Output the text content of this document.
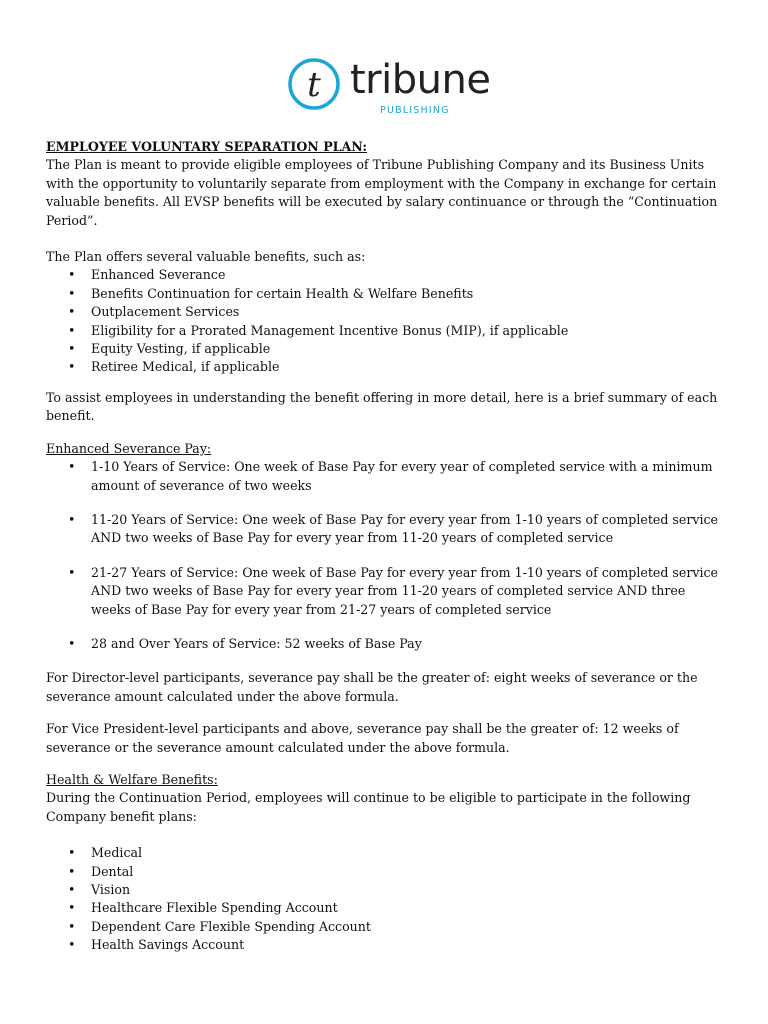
t tribune
PUBLISHING

EMPLOYEE VOLUNTARY SEPARATION PLAN:

The Plan is meant to provide eligible employees of Tribune Publishing Company and its Business Units with the opportunity to voluntarily separate from employment with the Company in exchange for certain valuable benefits. All EVSP benefits will be executed by salary continuance or through the “Continuation Period”.

The Plan offers several valuable benefits, such as:

• Enhanced Severance
• Benefits Continuation for certain Health & Welfare Benefits
• Outplacement Services
• Eligibility for a Prorated Management Incentive Bonus (MIP), if applicable
• Equity Vesting, if applicable
• Retiree Medical, if applicable

To assist employees in understanding the benefit offering in more detail, here is a brief summary of each benefit.

Enhanced Severance Pay:

• 1-10 Years of Service: One week of Base Pay for every year of completed service with a minimum amount of severance of two weeks
• 11-20 Years of Service: One week of Base Pay for every year from 1-10 years of completed service AND two weeks of Base Pay for every year from 11-20 years of completed service
• 21-27 Years of Service: One week of Base Pay for every year from 1-10 years of completed service AND two weeks of Base Pay for every year from 11-20 years of completed service AND three weeks of Base Pay for every year from 21-27 years of completed service
• 28 and Over Years of Service: 52 weeks of Base Pay

For Director-level participants, severance pay shall be the greater of: eight weeks of severance or the severance amount calculated under the above formula.

For Vice President-level participants and above, severance pay shall be the greater of: 12 weeks of severance or the severance amount calculated under the above formula.

Health & Welfare Benefits:

During the Continuation Period, employees will continue to be eligible to participate in the following Company benefit plans:

• Medical
• Dental
• Vision
• Healthcare Flexible Spending Account
• Dependent Care Flexible Spending Account
• Health Savings Account
